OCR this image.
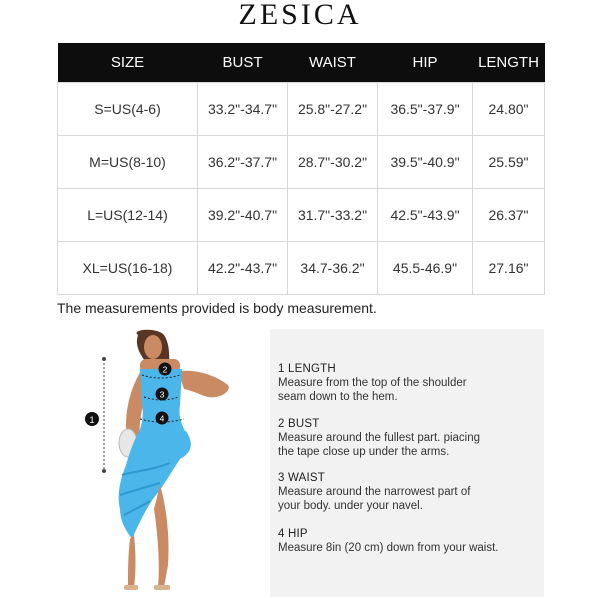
ZESICA
SIZE	BUST	WAIST	HIP	LENGTH
S=US(4-6)	33.2"-34.7"	25.8"-27.2"	36.5"-37.9"	24.80"
M=US(8-10)	36.2"-37.7"	28.7"-30.2"	39.5"-40.9"	25.59"
L=US(12-14)	39.2"-40.7"	31.7"-33.2"	42.5"-43.9"	26.37"
XL=US(16-18)	42.2"-43.7"	34.7-36.2"	45.5-46.9"	27.16"
The measurements provided is body measurement.
1
2
3
4
1 LENGTH
Measure from the top of the shoulder
seam down to the hem.
2 BUST
Measure around the fullest part. piacing
the tape close up under the arms.
3 WAIST
Measure around the narrowest part of
your body. under your navel.
4 HIP
Measure 8in (20 cm) down from your waist.
